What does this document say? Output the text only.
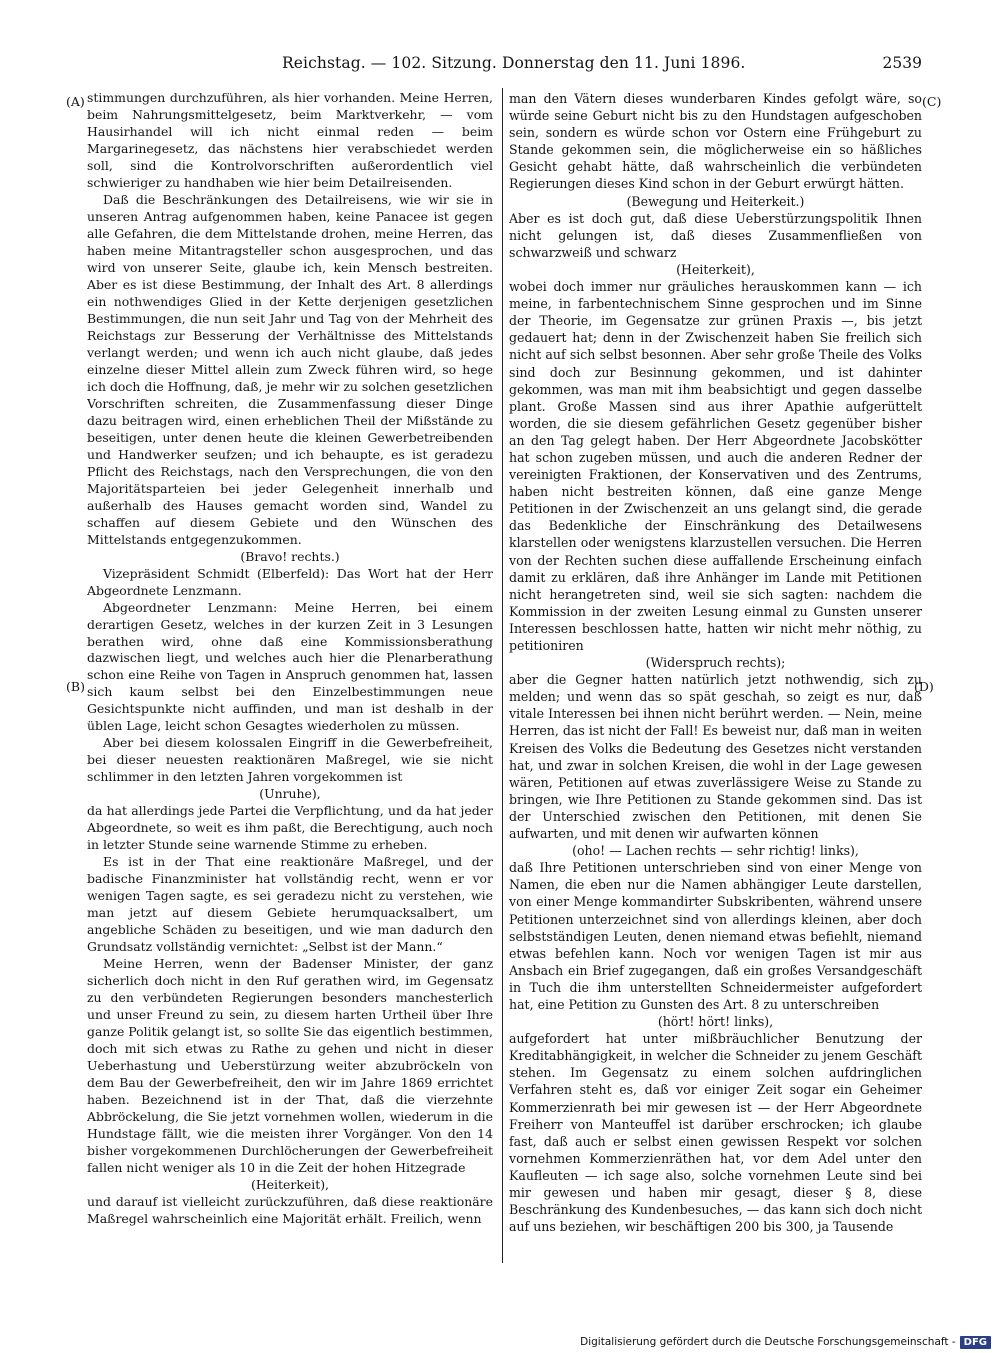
Reichstag. — 102. Sitzung. Donnerstag den 11. Juni 1896.	2539
(A)
(B)
(C)
(D)

stimmungen durchzuführen, als hier vorhanden. Meine Herren, beim Nahrungsmittelgesetz, beim Marktverkehr, — vom Hausirhandel will ich nicht einmal reden — beim Margarinegesetz, das nächstens hier verabschiedet werden soll, sind die Kontrolvorschriften außerordentlich viel schwieriger zu handhaben wie hier beim Detailreisenden.

Daß die Beschränkungen des Detailreisens, wie wir sie in unseren Antrag aufgenommen haben, keine Panacee ist gegen alle Gefahren, die dem Mittelstande drohen, meine Herren, das haben meine Mitantragsteller schon ausgesprochen, und das wird von unserer Seite, glaube ich, kein Mensch bestreiten. Aber es ist diese Bestimmung, der Inhalt des Art. 8 allerdings ein nothwendiges Glied in der Kette derjenigen gesetzlichen Bestimmungen, die nun seit Jahr und Tag von der Mehrheit des Reichstags zur Besserung der Verhältnisse des Mittelstands verlangt werden; und wenn ich auch nicht glaube, daß jedes einzelne dieser Mittel allein zum Zweck führen wird, so hege ich doch die Hoffnung, daß, je mehr wir zu solchen gesetzlichen Vorschriften schreiten, die Zusammenfassung dieser Dinge dazu beitragen wird, einen erheblichen Theil der Mißstände zu beseitigen, unter denen heute die kleinen Gewerbetreibenden und Handwerker seufzen; und ich behaupte, es ist geradezu Pflicht des Reichstags, nach den Versprechungen, die von den Majoritätsparteien bei jeder Gelegenheit innerhalb und außerhalb des Hauses gemacht worden sind, Wandel zu schaffen auf diesem Gebiete und den Wünschen des Mittelstands entgegenzukommen.

(Bravo! rechts.)

Vizepräsident Schmidt (Elberfeld): Das Wort hat der Herr Abgeordnete Lenzmann.

Abgeordneter Lenzmann: Meine Herren, bei einem derartigen Gesetz, welches in der kurzen Zeit in 3 Lesungen berathen wird, ohne daß eine Kommissionsberathung dazwischen liegt, und welches auch hier die Plenarberathung schon eine Reihe von Tagen in Anspruch genommen hat, lassen sich kaum selbst bei den Einzelbestimmungen neue Gesichtspunkte nicht auffinden, und man ist deshalb in der üblen Lage, leicht schon Gesagtes wiederholen zu müssen.

Aber bei diesem kolossalen Eingriff in die Gewerbefreiheit, bei dieser neuesten reaktionären Maßregel, wie sie nicht schlimmer in den letzten Jahren vorgekommen ist

(Unruhe),

da hat allerdings jede Partei die Verpflichtung, und da hat jeder Abgeordnete, so weit es ihm paßt, die Berechtigung, auch noch in letzter Stunde seine warnende Stimme zu erheben.

Es ist in der That eine reaktionäre Maßregel, und der badische Finanzminister hat vollständig recht, wenn er vor wenigen Tagen sagte, es sei geradezu nicht zu verstehen, wie man jetzt auf diesem Gebiete herumquacksalbert, um angebliche Schäden zu beseitigen, und wie man dadurch den Grundsatz vollständig vernichtet: „Selbst ist der Mann.“

Meine Herren, wenn der Badenser Minister, der ganz sicherlich doch nicht in den Ruf gerathen wird, im Gegensatz zu den verbündeten Regierungen besonders manchesterlich und unser Freund zu sein, zu diesem harten Urtheil über Ihre ganze Politik gelangt ist, so sollte Sie das eigentlich bestimmen, doch mit sich etwas zu Rathe zu gehen und nicht in dieser Ueberhastung und Ueberstürzung weiter abzubröckeln von dem Bau der Gewerbefreiheit, den wir im Jahre 1869 errichtet haben. Bezeichnend ist in der That, daß die vierzehnte Abbröckelung, die Sie jetzt vornehmen wollen, wiederum in die Hundstage fällt, wie die meisten ihrer Vorgänger. Von den 14 bisher vorgekommenen Durchlöcherungen der Gewerbefreiheit fallen nicht weniger als 10 in die Zeit der hohen Hitzegrade

(Heiterkeit),

und darauf ist vielleicht zurückzuführen, daß diese reaktionäre Maßregel wahrscheinlich eine Majorität erhält. Freilich, wenn

man den Vätern dieses wunderbaren Kindes gefolgt wäre, so würde seine Geburt nicht bis zu den Hundstagen aufgeschoben sein, sondern es würde schon vor Ostern eine Frühgeburt zu Stande gekommen sein, die möglicherweise ein so häßliches Gesicht gehabt hätte, daß wahrscheinlich die verbündeten Regierungen dieses Kind schon in der Geburt erwürgt hätten.

(Bewegung und Heiterkeit.)

Aber es ist doch gut, daß diese Ueberstürzungspolitik Ihnen nicht gelungen ist, daß dieses Zusammenfließen von schwarzweiß und schwarz

(Heiterkeit),

wobei doch immer nur gräuliches herauskommen kann — ich meine, in farbentechnischem Sinne gesprochen und im Sinne der Theorie, im Gegensatze zur grünen Praxis —, bis jetzt gedauert hat; denn in der Zwischenzeit haben Sie freilich sich nicht auf sich selbst besonnen. Aber sehr große Theile des Volks sind doch zur Besinnung gekommen, und ist dahinter gekommen, was man mit ihm beabsichtigt und gegen dasselbe plant. Große Massen sind aus ihrer Apathie aufgerüttelt worden, die sie diesem gefährlichen Gesetz gegenüber bisher an den Tag gelegt haben. Der Herr Abgeordnete Jacobskötter hat schon zugeben müssen, und auch die anderen Redner der vereinigten Fraktionen, der Konservativen und des Zentrums, haben nicht bestreiten können, daß eine ganze Menge Petitionen in der Zwischenzeit an uns gelangt sind, die gerade das Bedenkliche der Einschränkung des Detailwesens klarstellen oder wenigstens klarzustellen versuchen. Die Herren von der Rechten suchen diese auffallende Erscheinung einfach damit zu erklären, daß ihre Anhänger im Lande mit Petitionen nicht herangetreten sind, weil sie sich sagten: nachdem die Kommission in der zweiten Lesung einmal zu Gunsten unserer Interessen beschlossen hatte, hatten wir nicht mehr nöthig, zu petitioniren

(Widerspruch rechts);

aber die Gegner hatten natürlich jetzt nothwendig, sich zu melden; und wenn das so spät geschah, so zeigt es nur, daß vitale Interessen bei ihnen nicht berührt werden. — Nein, meine Herren, das ist nicht der Fall! Es beweist nur, daß man in weiten Kreisen des Volks die Bedeutung des Gesetzes nicht verstanden hat, und zwar in solchen Kreisen, die wohl in der Lage gewesen wären, Petitionen auf etwas zuverlässigere Weise zu Stande zu bringen, wie Ihre Petitionen zu Stande gekommen sind. Das ist der Unterschied zwischen den Petitionen, mit denen Sie aufwarten, und mit denen wir aufwarten können

(oho! — Lachen rechts — sehr richtig! links),

daß Ihre Petitionen unterschrieben sind von einer Menge von Namen, die eben nur die Namen abhängiger Leute darstellen, von einer Menge kommandirter Subskribenten, während unsere Petitionen unterzeichnet sind von allerdings kleinen, aber doch selbstständigen Leuten, denen niemand etwas befiehlt, niemand etwas befehlen kann. Noch vor wenigen Tagen ist mir aus Ansbach ein Brief zugegangen, daß ein großes Versandgeschäft in Tuch die ihm unterstellten Schneidermeister aufgefordert hat, eine Petition zu Gunsten des Art. 8 zu unterschreiben

(hört! hört! links),

aufgefordert hat unter mißbräuchlicher Benutzung der Kreditabhängigkeit, in welcher die Schneider zu jenem Geschäft stehen. Im Gegensatz zu einem solchen aufdringlichen Verfahren steht es, daß vor einiger Zeit sogar ein Geheimer Kommerzienrath bei mir gewesen ist — der Herr Abgeordnete Freiherr von Manteuffel ist darüber erschrocken; ich glaube fast, daß auch er selbst einen gewissen Respekt vor solchen vornehmen Kommerzienräthen hat, vor dem Adel unter den Kaufleuten — ich sage also, solche vornehmen Leute sind bei mir gewesen und haben mir gesagt, dieser § 8, diese Beschränkung des Kundenbesuches, — das kann sich doch nicht auf uns beziehen, wir beschäftigen 200 bis 300, ja Tausende

Digitalisierung gefördert durch die Deutsche Forschungsgemeinschaft - DFG
